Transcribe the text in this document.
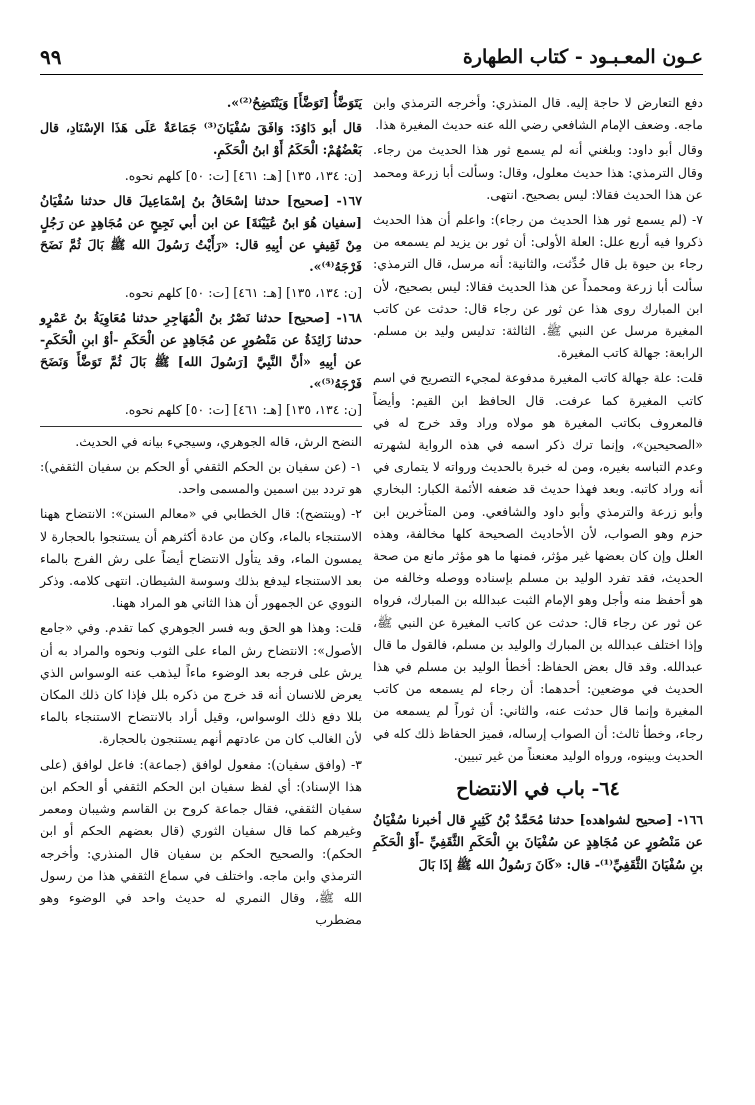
عـون المعـبـود - كتاب الطهارة
٩٩

دفع التعارض لا حاجة إليه. قال المنذري: وأخرجه الترمذي وابن ماجه. وضعف الإمام الشافعي رضي الله عنه حديث المغيرة هذا.

وقال أبو داود: وبلغني أنه لم يسمع ثور هذا الحديث من رجاء. وقال الترمذي: هذا حديث معلول، وقال: وسألت أبا زرعة ومحمد عن هذا الحديث فقالا: ليس بصحيح. انتهى.

٧- (لم يسمع ثور هذا الحديث من رجاء): واعلم أن هذا الحديث ذكروا فيه أربع علل: العلة الأولى: أن ثور بن يزيد لم يسمعه من رجاء بن حيوة بل قال حُدِّثت، والثانية: أنه مرسل، قال الترمذي: سألت أبا زرعة ومحمداً عن هذا الحديث فقالا: ليس بصحيح، لأن ابن المبارك روى هذا عن ثور عن رجاء قال: حدثت عن كاتب المغيرة مرسل عن النبي ﷺ. الثالثة: تدليس وليد بن مسلم. الرابعة: جهالة كاتب المغيرة.

قلت: علة جهالة كاتب المغيرة مدفوعة لمجيء التصريح في اسم كاتب المغيرة كما عرفت. قال الحافظ ابن القيم: وأيضاً فالمعروف بكاتب المغيرة هو مولاه وراد وقد خرج له في «الصحيحين»، وإنما ترك ذكر اسمه في هذه الرواية لشهرته وعدم التباسه بغيره، ومن له خبرة بالحديث ورواته لا يتمارى في أنه وراد كاتبه. وبعد فهذا حديث قد ضعفه الأئمة الكبار: البخاري وأبو زرعة والترمذي وأبو داود والشافعي. ومن المتأخرين ابن حزم وهو الصواب، لأن الأحاديث الصحيحة كلها مخالفة، وهذه العلل وإن كان بعضها غير مؤثر، فمنها ما هو مؤثر مانع من صحة الحديث، فقد تفرد الوليد بن مسلم بإسناده ووصله وخالفه من هو أحفظ منه وأجل وهو الإمام الثبت عبدالله بن المبارك، فرواه عن ثور عن رجاء قال: حدثت عن كاتب المغيرة عن النبي ﷺ، وإذا اختلف عبدالله بن المبارك والوليد بن مسلم، فالقول ما قال عبدالله. وقد قال بعض الحفاظ: أخطأ الوليد بن مسلم في هذا الحديث في موضعين: أحدهما: أن رجاء لم يسمعه من كاتب المغيرة وإنما قال حدثت عنه، والثاني: أن ثوراً لم يسمعه من رجاء، وخطأ ثالث: أن الصواب إرساله، فميز الحفاظ ذلك كله في الحديث وبينوه، ورواه الوليد معنعناً من غير تبيين.

٦٤- باب في الانتضاح

١٦٦- [صحيح لشواهده] حدثنا مُحَمَّدُ بْنُ كَثِيرٍ قال أخبرنا سُفْيَانُ عن مَنْصُورٍ عن مُجَاهِدٍ عن سُفْيَانَ بنِ الْحَكَمِ الثَّقَفِيِّ -أَوْ الْحَكَمِ بنِ سُفْيَانَ الثَّقَفِيِّ⁽¹⁾- قال: «كَانَ رَسُولُ الله ﷺ إذَا بَالَ

يَتَوَضَّأُ [تَوَضَّأَ] وَيَنْتَضِحُ⁽²⁾».

قال أبو دَاوُدَ: وَافَقَ سُفْيَانَ⁽³⁾ جَمَاعَةٌ عَلَى هَذَا الإسْنَادِ، قال بَعْضُهُمْ: الْحَكَمُ أَوْ ابنُ الْحَكَمِ.

[ن: ١٣٤، ١٣٥] [هـ: ٤٦١] [ت: ٥٠] كلهم نحوه.

١٦٧- [صحيح] حدثنا إسْحَاقُ بنُ إسْمَاعِيلَ قال حدثنا سُفْيَانُ [سفيان هُوَ ابنُ عُيَيْنَةَ] عن ابن أبي نَجِيحٍ عن مُجَاهِدٍ عن رَجُلٍ مِنْ ثَقِيفٍ عن أبِيهِ قال: «رَأَيْتُ رَسُولَ الله ﷺ بَالَ ثُمَّ نَضَحَ فَرْجَهُ⁽⁴⁾».

[ن: ١٣٤، ١٣٥] [هـ: ٤٦١] [ت: ٥٠] كلهم نحوه.

١٦٨- [صحيح] حدثنا نَصْرُ بنُ الْمُهَاجِرِ حدثنا مُعَاوِيَةُ بنُ عَمْرٍو حدثنا زَائِدَةُ عن مَنْصُورٍ عن مُجَاهِدٍ عن الْحَكَمِ -أوْ ابنِ الْحَكَمِ- عن أبِيهِ «أنَّ النَّبِيَّ [رَسُولَ الله] ﷺ بَالَ ثُمَّ تَوَضَّأَ وَنَضَحَ فَرْجَهُ⁽⁵⁾».

[ن: ١٣٤، ١٣٥] [هـ: ٤٦١] [ت: ٥٠] كلهم نحوه.

النضح الرش، قاله الجوهري، وسيجيء بيانه في الحديث.

١- (عن سفيان بن الحكم الثقفي أو الحكم بن سفيان الثقفي): هو تردد بين اسمين والمسمى واحد.

٢- (وينتضح): قال الخطابي في «معالم السنن»: الانتضاح ههنا الاستنجاء بالماء، وكان من عادة أكثرهم أن يستنجوا بالحجارة لا يمسون الماء، وقد يتأول الانتضاح أيضاً على رش الفرج بالماء بعد الاستنجاء ليدفع بذلك وسوسة الشيطان. انتهى كلامه. وذكر النووي عن الجمهور أن هذا الثاني هو المراد ههنا.

قلت: وهذا هو الحق وبه فسر الجوهري كما تقدم. وفي «جامع الأصول»: الانتضاح رش الماء على الثوب ونحوه والمراد به أن يرش على فرجه بعد الوضوء ماءاً ليذهب عنه الوسواس الذي يعرض للانسان أنه قد خرج من ذكره بلل فإذا كان ذلك المكان بللا دفع ذلك الوسواس، وقيل أراد بالانتضاح الاستنجاء بالماء لأن الغالب كان من عادتهم أنهم يستنجون بالحجارة.

٣- (وافق سفيان): مفعول لوافق (جماعة): فاعل لوافق (على هذا الإسناد): أي لفظ سفيان ابن الحكم الثقفي أو الحكم ابن سفيان الثقفي، فقال جماعة كروح بن القاسم وشيبان ومعمر وغيرهم كما قال سفيان الثوري (قال بعضهم الحكم أو ابن الحكم): والصحيح الحكم بن سفيان قال المنذري: وأخرجه الترمذي وابن ماجه. واختلف في سماع الثقفي هذا من رسول الله ﷺ، وقال النمري له حديث واحد في الوضوء وهو مضطرب
